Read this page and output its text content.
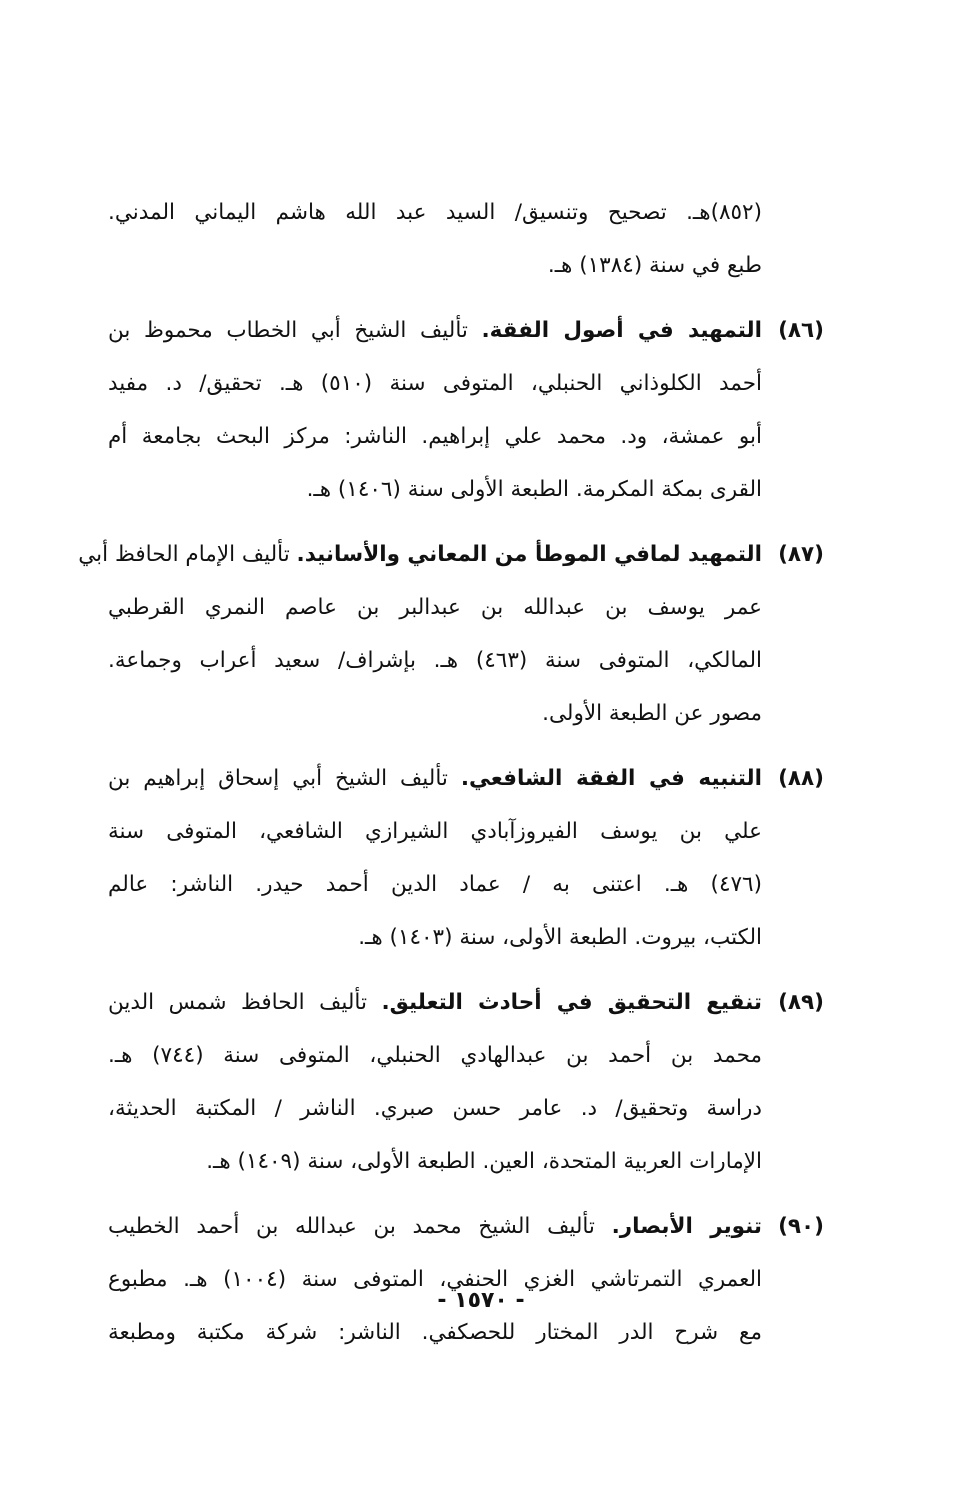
(٨٥٢)هـ. تصحيح وتنسيق/ السيد عبد الله هاشم اليماني المدني.
طبع في سنة (١٣٨٤) هـ.
(٨٦)
التمهيد في أصول الفقة. تأليف الشيخ أبي الخطاب محموظ بن
أحمد الكلوذاني الحنبلي، المتوفى سنة (٥١٠) هـ. تحقيق/ د. مفيد
أبو عمشة، ود. محمد علي إبراهيم. الناشر: مركز البحث بجامعة أم
القرى بمكة المكرمة. الطبعة الأولى سنة (١٤٠٦) هـ.
(٨٧)
التمهيد لمافي الموطأ من المعاني والأسانيد. تأليف الإمام الحافظ أبي
عمر يوسف بن عبدالله بن عبدالبر بن عاصم النمري القرطبي
المالكي، المتوفى سنة (٤٦٣) هـ. بإشراف/ سعيد أعراب وجماعة.
مصور عن الطبعة الأولى.
(٨٨)
التنبيه في الفقة الشافعي. تأليف الشيخ أبي إسحاق إبراهيم بن
علي بن يوسف الفيروزآبادي الشيرازي الشافعي، المتوفى سنة
(٤٧٦) هـ. اعتنى به / عماد الدين أحمد حيدر. الناشر: عالم
الكتب، بيروت. الطبعة الأولى، سنة (١٤٠٣) هـ.
(٨٩)
تنقيع التحقيق في أحادث التعليق. تأليف الحافظ شمس الدين
محمد بن أحمد بن عبدالهادي الحنبلي، المتوفى سنة (٧٤٤) هـ.
دراسة وتحقيق/ د. عامر حسن صبري. الناشر / المكتبة الحديثة،
الإمارات العربية المتحدة، العين. الطبعة الأولى، سنة (١٤٠٩) هـ.
(٩٠)
تنوير الأبصار. تأليف الشيخ محمد بن عبدالله بن أحمد الخطيب
العمري التمرتاشي الغزي الحنفي، المتوفى سنة (١٠٠٤) هـ. مطبوع
مع شرح الدر المختار للحصكفي. الناشر: شركة مكتبة ومطبعة
- ١٥٧٠ -
